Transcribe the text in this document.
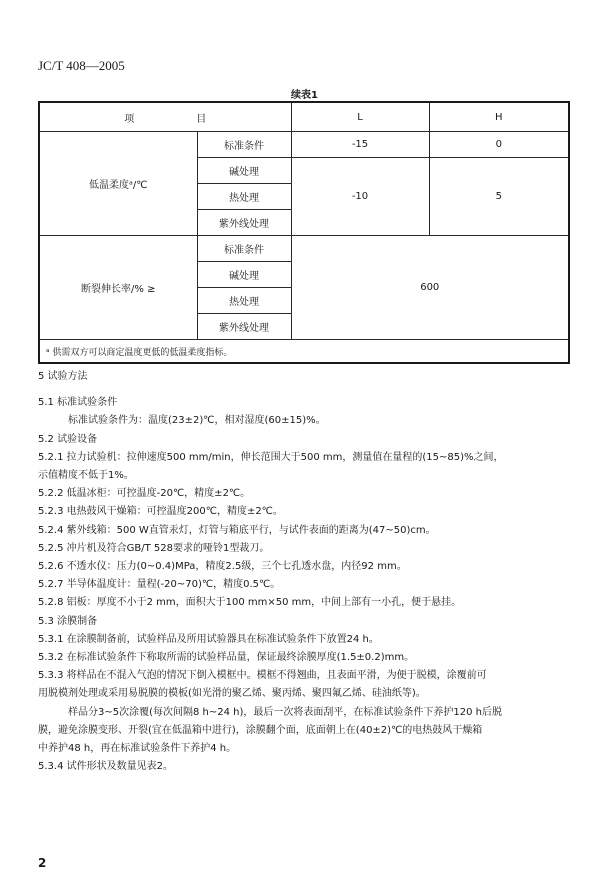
JC/T 408—2005
续表1
项 目		L	H
低温柔度ᵃ/℃	标准条件	-15	0
	碱处理	-10	5
	热处理		
	紫外线处理		
断裂伸长率/% ≥	标准条件	600	
	碱处理		
	热处理		
	紫外线处理		
ᵃ 供需双方可以商定温度更低的低温柔度指标。			

5 试验方法

5.1 标准试验条件

标准试验条件为：温度(23±2)℃，相对湿度(60±15)%。

5.2 试验设备

5.2.1 拉力试验机：拉伸速度500 mm/min，伸长范围大于500 mm，测量值在量程的(15~85)%之间，

示值精度不低于1%。

5.2.2 低温冰柜：可控温度-20℃，精度±2℃。

5.2.3 电热鼓风干燥箱：可控温度200℃，精度±2℃。

5.2.4 紫外线箱：500 W直管汞灯，灯管与箱底平行，与试件表面的距离为(47~50)cm。

5.2.5 冲片机及符合GB/T 528要求的哑铃1型裁刀。

5.2.6 不透水仪：压力(0~0.4)MPa，精度2.5级，三个七孔透水盘，内径92 mm。

5.2.7 半导体温度计：量程(-20~70)℃，精度0.5℃。

5.2.8 铝板：厚度不小于2 mm，面积大于100 mm×50 mm，中间上部有一小孔，便于悬挂。

5.3 涂膜制备

5.3.1 在涂膜制备前，试验样品及所用试验器具在标准试验条件下放置24 h。

5.3.2 在标准试验条件下称取所需的试验样品量，保证最终涂膜厚度(1.5±0.2)mm。

5.3.3 将样品在不混入气泡的情况下倒入模框中。模框不得翘曲，且表面平滑，为便于脱模，涂覆前可

用脱模剂处理或采用易脱膜的模板(如光滑的聚乙烯、聚丙烯、聚四氟乙烯、硅油纸等)。

样品分3~5次涂覆(每次间隔8 h~24 h)，最后一次将表面刮平，在标准试验条件下养护120 h后脱

膜，避免涂膜变形、开裂(宜在低温箱中进行)，涂膜翻个面，底面朝上在(40±2)℃的电热鼓风干燥箱

中养护48 h，再在标准试验条件下养护4 h。

5.3.4 试件形状及数量见表2。

2
